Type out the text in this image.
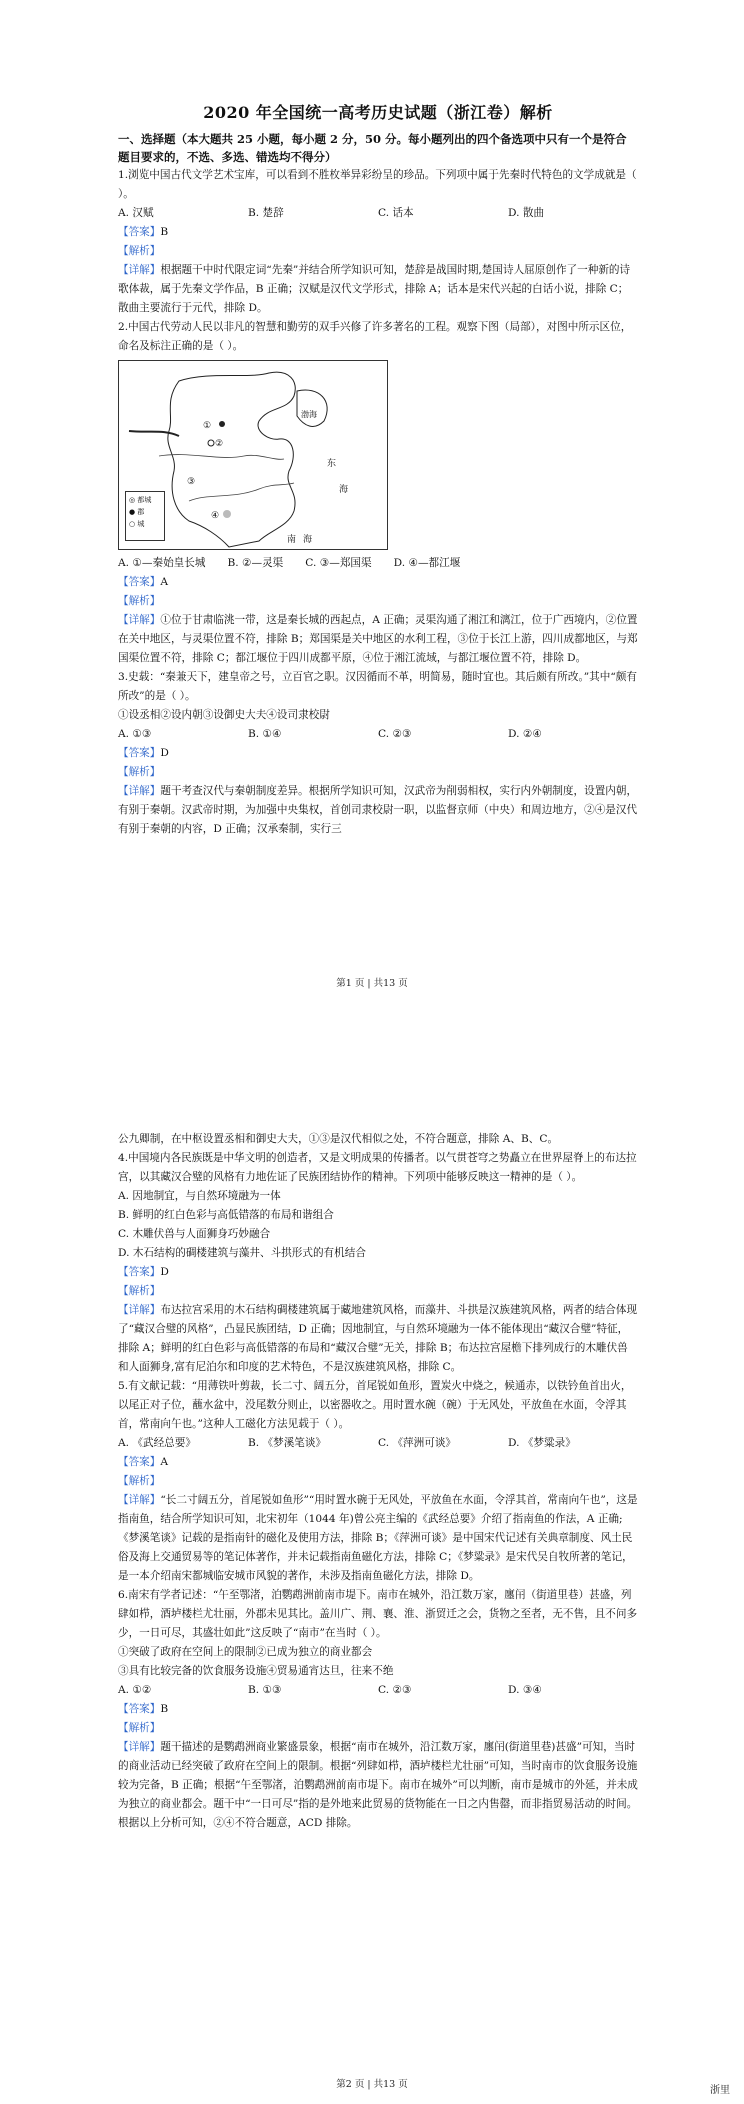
2020 年全国统一高考历史试题（浙江卷）解析
一、选择题（本大题共 25 小题，每小题 2 分，50 分。每小题列出的四个备选项中只有一个是符合题目要求的，不选、多选、错选均不得分）

1.浏览中国古代文学艺术宝库，可以看到不胜枚举异彩纷呈的珍品。下列项中属于先秦时代特色的文学成就是（ ）。

A. 汉赋	B. 楚辞	C. 话本	D. 散曲

【答案】B

【解析】

【详解】根据题干中时代限定词“先秦”并结合所学知识可知，楚辞是战国时期,楚国诗人屈原创作了一种新的诗歌体裁，属于先秦文学作品，B 正确；汉赋是汉代文学形式，排除 A；话本是宋代兴起的白话小说，排除 C；散曲主要流行于元代，排除 D。

2.中国古代劳动人民以非凡的智慧和勤劳的双手兴修了许多著名的工程。观察下图（局部），对图中所示区位，命名及标注正确的是（ ）。

①
②
③
④
渤海
东
海
南 海
◎ 都城
● 郡
○ 城
A. ①—秦始皇长城 B. ②—灵渠 C. ③—郑国渠 D. ④—都江堰

【答案】A

【解析】

【详解】①位于甘肃临洮一带，这是秦长城的西起点，A 正确；灵渠沟通了湘江和漓江，位于广西境内，②位置在关中地区，与灵渠位置不符，排除 B；郑国渠是关中地区的水利工程，③位于长江上游，四川成都地区，与郑国渠位置不符，排除 C；都江堰位于四川成都平原，④位于湘江流域，与都江堰位置不符，排除 D。

3.史载：“秦兼天下，建皇帝之号，立百官之职。汉因循而不革，明简易，随时宜也。其后颇有所改。”其中“颇有所改”的是（ ）。

①设丞相②设内朝③设御史大夫④设司隶校尉

A. ①③	B. ①④	C. ②③	D. ②④

【答案】D

【解析】

【详解】题干考查汉代与秦朝制度差异。根据所学知识可知，汉武帝为削弱相权，实行内外朝制度，设置内朝，有别于秦朝。汉武帝时期，为加强中央集权，首创司隶校尉一职，以监督京师（中央）和周边地方，②④是汉代有别于秦朝的内容，D 正确；汉承秦制，实行三

第1 页 | 共13 页

公九卿制，在中枢设置丞相和御史大夫，①③是汉代相似之处，不符合题意，排除 A、B、C。

4.中国境内各民族既是中华文明的创造者，又是文明成果的传播者。以气贯苍穹之势矗立在世界屋脊上的布达拉宫，以其藏汉合璧的风格有力地佐证了民族团结协作的精神。下列项中能够反映这一精神的是（ ）。

A. 因地制宜，与自然环境融为一体

B. 鲜明的红白色彩与高低错落的布局和谐组合

C. 木雕伏兽与人面狮身巧妙融合

D. 木石结构的碉楼建筑与藻井、斗拱形式的有机结合

【答案】D

【解析】

【详解】布达拉宫采用的木石结构碉楼建筑属于藏地建筑风格，而藻井、斗拱是汉族建筑风格，两者的结合体现了“藏汉合璧的风格”，凸显民族团结，D 正确；因地制宜，与自然环境融为一体不能体现出“藏汉合璧”特征，排除 A；鲜明的红白色彩与高低错落的布局和“藏汉合璧”无关，排除 B；布达拉宫屋檐下排列成行的木雕伏兽和人面狮身,富有尼泊尔和印度的艺术特色，不是汉族建筑风格，排除 C。

5.有文献记载：“用薄铁叶剪裁，长二寸、阔五分，首尾锐如鱼形，置炭火中烧之，候通赤，以铁钤鱼首出火，以尾正对子位，蘸水盆中，没尾数分则止，以密器收之。用时置水碗（碗）于无风处，平放鱼在水面，令浮其首，常南向午也。”这种人工磁化方法见载于（ ）。

A. 《武经总要》	B. 《梦溪笔谈》	C. 《萍洲可谈》	D. 《梦粱录》

【答案】A

【解析】

【详解】“长二寸阔五分，首尾锐如鱼形”“用时置水碗于无风处，平放鱼在水面，令浮其首，常南向午也”，这是指南鱼，结合所学知识可知，北宋初年（1044 年)曾公亮主编的《武经总要》介绍了指南鱼的作法，A 正确;《梦溪笔谈》记载的是指南针的磁化及使用方法，排除 B；《萍洲可谈》是中国宋代记述有关典章制度、风土民俗及海上交通贸易等的笔记体著作，并未记载指南鱼磁化方法，排除 C；《梦粱录》是宋代吴自牧所著的笔记，是一本介绍南宋都城临安城市风貌的著作，未涉及指南鱼磁化方法，排除 D。

6.南宋有学者记述：“午至鄂渚，泊鹦鹉洲前南市堤下。南市在城外，沿江数万家，廛闬（街道里巷）甚盛，列肆如栉，酒垆楼栏尤壮丽，外郡未见其比。盖川广、荆、襄、淮、浙贸迁之会，货物之至者，无不售，且不问多少，一日可尽，其盛壮如此”这反映了“南市”在当时（ ）。

①突破了政府在空间上的限制②已成为独立的商业都会

③具有比较完备的饮食服务设施④贸易通宵达旦，往来不绝

A. ①②	B. ①③	C. ②③	D. ③④

【答案】B

【解析】

【详解】题干描述的是鹦鹉洲商业繁盛景象，根据“南市在城外，沿江数万家，廛闬(街道里巷)甚盛”可知，当时的商业活动已经突破了政府在空间上的限制。根据“列肆如栉，酒垆楼栏尤壮丽”可知，当时南市的饮食服务设施较为完备，B 正确；根据“午至鄂渚，泊鹦鹉洲前南市堤下。南市在城外”可以判断，南市是城市的外延，并未成为独立的商业都会。题干中“一日可尽”指的是外地来此贸易的货物能在一日之内售罄，而非指贸易活动的时间。根据以上分析可知，②④不符合题意，ACD 排除。

第2 页 | 共13 页
浙里
